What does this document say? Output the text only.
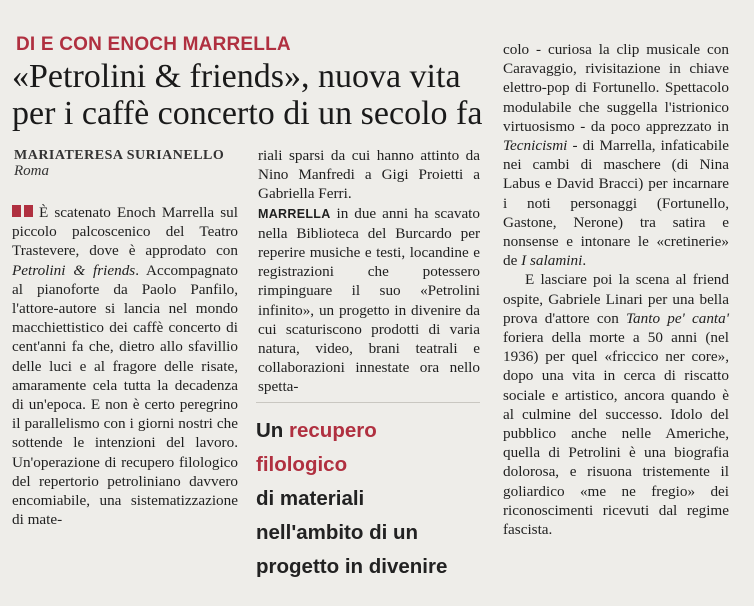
DI E CON ENOCH MARRELLA
«Petrolini & friends», nuova vita per i caffè concerto di un secolo fa
MARIATERESA SURIANELLO
Roma

È scatenato Enoch Marrella sul piccolo palcoscenico del Teatro Trastevere, dove è approdato con Petrolini & friends. Accompagnato al pianoforte da Paolo Panfilo, l'attore-autore si lancia nel mondo macchiettistico dei caffè concerto di cent'anni fa che, dietro allo sfavillio delle luci e al fragore delle risate, amaramente cela tutta la decadenza di un'epoca. E non è certo peregrino il parallelismo con i giorni nostri che sottende le intenzioni del lavoro. Un'operazione di recupero filologico del repertorio petroliniano davvero encomiabile, una sistematizzazione di mate-

riali sparsi da cui hanno attinto da Nino Manfredi a Gigi Proietti a Gabriella Ferri.

MARRELLA in due anni ha scavato nella Biblioteca del Burcardo per reperire musiche e testi, locandine e registrazioni che potessero rimpinguare il suo «Petrolini infinito», un progetto in divenire da cui scaturiscono prodotti di varia natura, video, brani teatrali e collaborazioni innestate ora nello spetta-

Un recupero
filologico
di materiali
nell'ambito di un
progetto in divenire

colo - curiosa la clip musicale con Caravaggio, rivisitazione in chiave elettro-pop di Fortunello. Spettacolo modulabile che suggella l'istrionico virtuosismo - da poco apprezzato in Tecnicismi - di Marrella, infaticabile nei cambi di maschere (di Nina Labus e David Bracci) per incarnare i noti personaggi (Fortunello, Gastone, Nerone) tra satira e nonsense e intonare le «cretinerie» de I salamini.

E lasciare poi la scena al friend ospite, Gabriele Linari per una bella prova d'attore con Tanto pe' canta' foriera della morte a 50 anni (nel 1936) per quel «friccico ner core», dopo una vita in cerca di riscatto sociale e artistico, ancora quando è al culmine del successo. Idolo del pubblico anche nelle Americhe, quella di Petrolini è una biografia dolorosa, e risuona tristemente il goliardico «me ne fregio» dei riconoscimenti ricevuti dal regime fascista.
